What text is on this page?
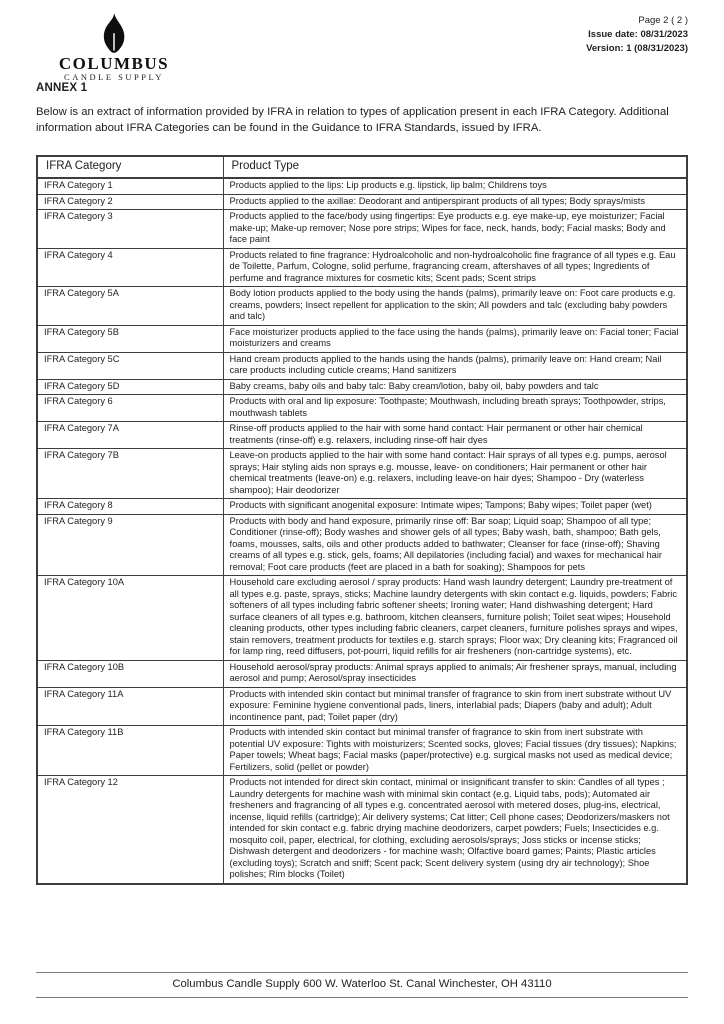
COLUMBUS
CANDLE SUPPLY
Page 2 ( 2 )
Issue date: 08/31/2023
Version: 1 (08/31/2023)
ANNEX 1
Below is an extract of information provided by IFRA in relation to types of application present in each IFRA Category. Additional information about IFRA Categories can be found in the Guidance to IFRA Standards, issued by IFRA.
IFRA Category	Product Type
IFRA Category 1	Products applied to the lips: Lip products e.g. lipstick, lip balm; Childrens toys
IFRA Category 2	Products applied to the axillae: Deodorant and antiperspirant products of all types; Body sprays/mists
IFRA Category 3	Products applied to the face/body using fingertips: Eye products e.g. eye make-up, eye moisturizer; Facial make-up; Make-up remover; Nose pore strips; Wipes for face, neck, hands, body; Facial masks; Body and face paint
IFRA Category 4	Products related to fine fragrance: Hydroalcoholic and non-hydroalcoholic fine fragrance of all types e.g. Eau de Toilette, Parfum, Cologne, solid perfume, fragrancing cream, aftershaves of all types; Ingredients of perfume and fragrance mixtures for cosmetic kits; Scent pads; Scent strips
IFRA Category 5A	Body lotion products applied to the body using the hands (palms), primarily leave on: Foot care products e.g. creams, powders; Insect repellent for application to the skin; All powders and talc (excluding baby powders and talc)
IFRA Category 5B	Face moisturizer products applied to the face using the hands (palms), primarily leave on: Facial toner; Facial moisturizers and creams
IFRA Category 5C	Hand cream products applied to the hands using the hands (palms), primarily leave on: Hand cream; Nail care products including cuticle creams; Hand sanitizers
IFRA Category 5D	Baby creams, baby oils and baby talc: Baby cream/lotion, baby oil, baby powders and talc
IFRA Category 6	Products with oral and lip exposure: Toothpaste; Mouthwash, including breath sprays; Toothpowder, strips, mouthwash tablets
IFRA Category 7A	Rinse-off products applied to the hair with some hand contact: Hair permanent or other hair chemical treatments (rinse-off) e.g. relaxers, including rinse-off hair dyes
IFRA Category 7B	Leave-on products applied to the hair with some hand contact: Hair sprays of all types e.g. pumps, aerosol sprays; Hair styling aids non sprays e.g. mousse, leave- on conditioners; Hair permanent or other hair chemical treatments (leave-on) e.g. relaxers, including leave-on hair dyes; Shampoo - Dry (waterless shampoo); Hair deodorizer
IFRA Category 8	Products with significant anogenital exposure: Intimate wipes; Tampons; Baby wipes; Toilet paper (wet)
IFRA Category 9	Products with body and hand exposure, primarily rinse off: Bar soap; Liquid soap; Shampoo of all type; Conditioner (rinse-off); Body washes and shower gels of all types; Baby wash, bath, shampoo; Bath gels, foams, mousses, salts, oils and other products added to bathwater; Cleanser for face (rinse-off); Shaving creams of all types e.g. stick, gels, foams; All depilatories (including facial) and waxes for mechanical hair removal; Foot care products (feet are placed in a bath for soaking); Shampoos for pets
IFRA Category 10A	Household care excluding aerosol / spray products: Hand wash laundry detergent; Laundry pre-treatment of all types e.g. paste, sprays, sticks; Machine laundry detergents with skin contact e.g. liquids, powders; Fabric softeners of all types including fabric softener sheets; Ironing water; Hand dishwashing detergent; Hard surface cleaners of all types e.g. bathroom, kitchen cleansers, furniture polish; Toilet seat wipes; Household cleaning products, other types including fabric cleaners, carpet cleaners, furniture polishes sprays and wipes, stain removers, treatment products for textiles e.g. starch sprays; Floor wax; Dry cleaning kits; Fragranced oil for lamp ring, reed diffusers, pot-pourri, liquid refills for air fresheners (non-cartridge systems), etc.
IFRA Category 10B	Household aerosol/spray products: Animal sprays applied to animals; Air freshener sprays, manual, including aerosol and pump; Aerosol/spray insecticides
IFRA Category 11A	Products with intended skin contact but minimal transfer of fragrance to skin from inert substrate without UV exposure: Feminine hygiene conventional pads, liners, interlabial pads; Diapers (baby and adult); Adult incontinence pant, pad; Toilet paper (dry)
IFRA Category 11B	Products with intended skin contact but minimal transfer of fragrance to skin from inert substrate with potential UV exposure: Tights with moisturizers; Scented socks, gloves; Facial tissues (dry tissues); Napkins; Paper towels; Wheat bags; Facial masks (paper/protective) e.g. surgical masks not used as medical device; Fertilizers, solid (pellet or powder)
IFRA Category 12	Products not intended for direct skin contact, minimal or insignificant transfer to skin: Candles of all types ; Laundry detergents for machine wash with minimal skin contact (e.g. Liquid tabs, pods); Automated air fresheners and fragrancing of all types e.g. concentrated aerosol with metered doses, plug-ins, electrical, incense, liquid refills (cartridge); Air delivery systems; Cat litter; Cell phone cases; Deodorizers/maskers not intended for skin contact e.g. fabric drying machine deodorizers, carpet powders; Fuels; Insecticides e.g. mosquito coil, paper, electrical, for clothing, excluding aerosols/sprays; Joss sticks or incense sticks; Dishwash detergent and deodorizers - for machine wash; Olfactive board games; Paints; Plastic articles (excluding toys); Scratch and sniff; Scent pack; Scent delivery system (using dry air technology); Shoe polishes; Rim blocks (Toilet)
Columbus Candle Supply 600 W. Waterloo St. Canal Winchester, OH 43110
